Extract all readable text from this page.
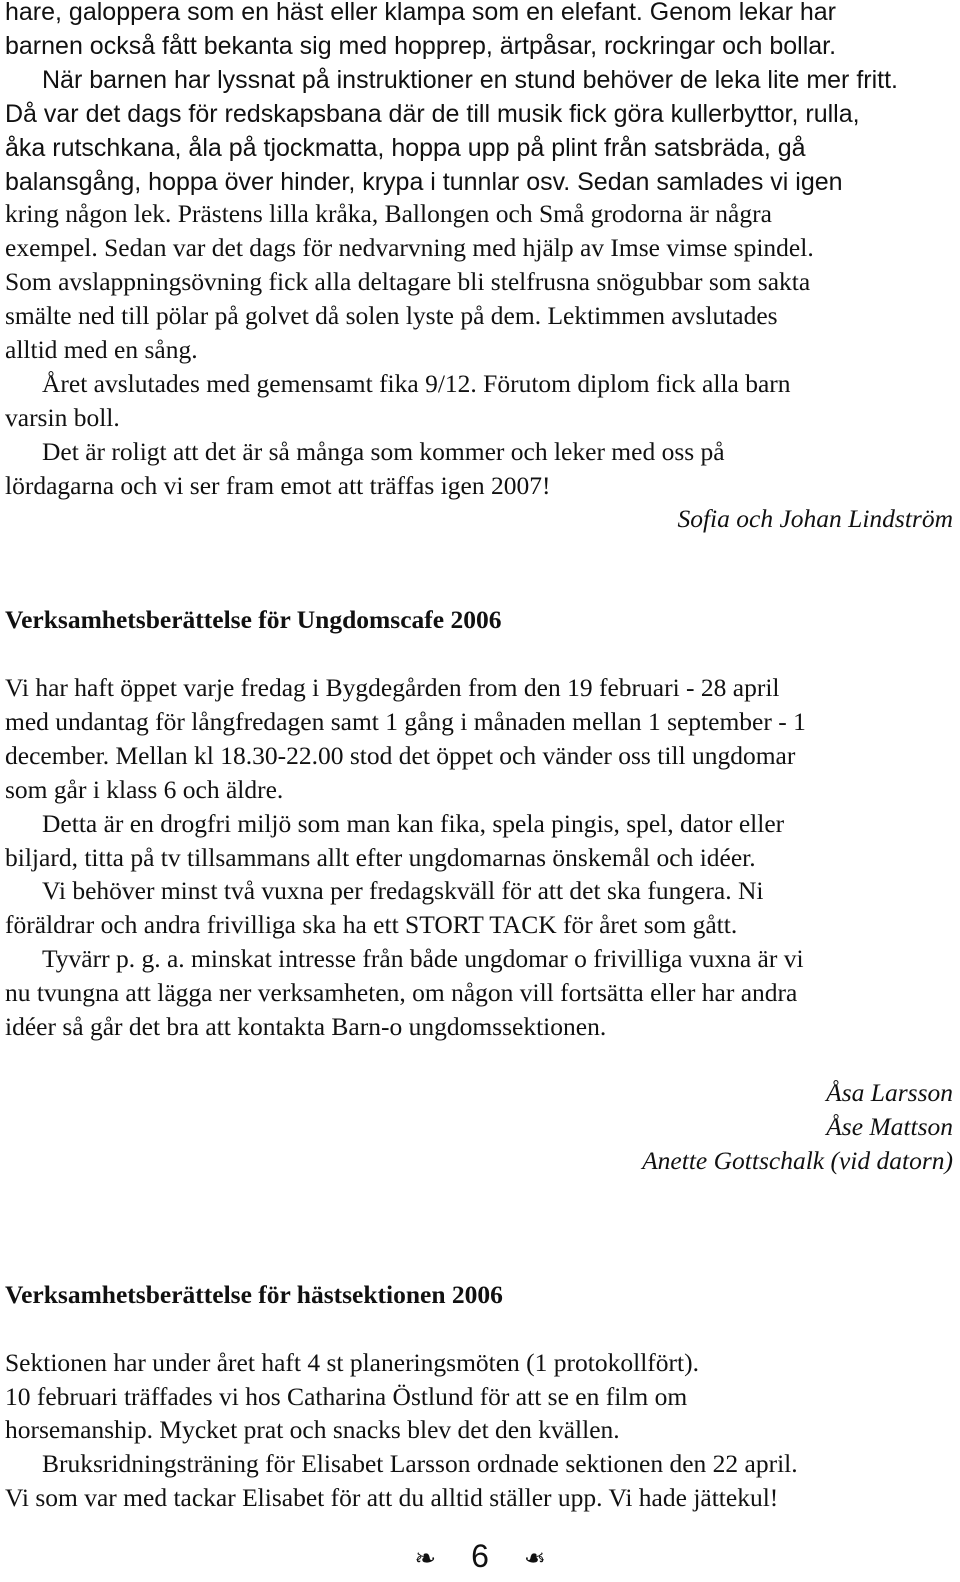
hare, galoppera som en häst eller klampa som en elefant. Genom lekar har
barnen också fått bekanta sig med hopprep, ärtpåsar, rockringar och bollar.
När barnen har lyssnat på instruktioner en stund behöver de leka lite mer fritt.
Då var det dags för redskapsbana där de till musik fick göra kullerbyttor, rulla,
åka rutschkana, åla på tjockmatta, hoppa upp på plint från satsbräda, gå
balansgång, hoppa över hinder, krypa i tunnlar osv. Sedan samlades vi igen
kring någon lek. Prästens lilla kråka, Ballongen och Små grodorna är några
exempel. Sedan var det dags för nedvarvning med hjälp av Imse vimse spindel.
Som avslappningsövning fick alla deltagare bli stelfrusna snögubbar som sakta
smälte ned till pölar på golvet då solen lyste på dem. Lektimmen avslutades
alltid med en sång.
Året avslutades med gemensamt fika 9/12. Förutom diplom fick alla barn
varsin boll.
Det är roligt att det är så många som kommer och leker med oss på
lördagarna och vi ser fram emot att träffas igen 2007!
Sofia och Johan Lindström
Verksamhetsberättelse för Ungdomscafe 2006
Vi har haft öppet varje fredag i Bygdegården from den 19 februari - 28 april
med undantag för långfredagen samt 1 gång i månaden mellan 1 september - 1
december. Mellan kl 18.30-22.00 stod det öppet och vänder oss till ungdomar
som går i klass 6 och äldre.
Detta är en drogfri miljö som man kan fika, spela pingis, spel, dator eller
biljard, titta på tv tillsammans allt efter ungdomarnas önskemål och idéer.
Vi behöver minst två vuxna per fredagskväll för att det ska fungera. Ni
föräldrar och andra frivilliga ska ha ett STORT TACK för året som gått.
Tyvärr p. g. a. minskat intresse från både ungdomar o frivilliga vuxna är vi
nu tvungna att lägga ner verksamheten, om någon vill fortsätta eller har andra
idéer så går det bra att kontakta Barn-o ungdomssektionen.
Åsa Larsson
Åse Mattson
Anette Gottschalk (vid datorn)
Verksamhetsberättelse för hästsektionen 2006
Sektionen har under året haft 4 st planeringsmöten (1 protokollfört).
10 februari träffades vi hos Catharina Östlund för att se en film om
horsemanship. Mycket prat och snacks blev det den kvällen.
Bruksridningsträning för Elisabet Larsson ordnade sektionen den 22 april.
Vi som var med tackar Elisabet för att du alltid ställer upp. Vi hade jättekul!
❧ 6 ❧
